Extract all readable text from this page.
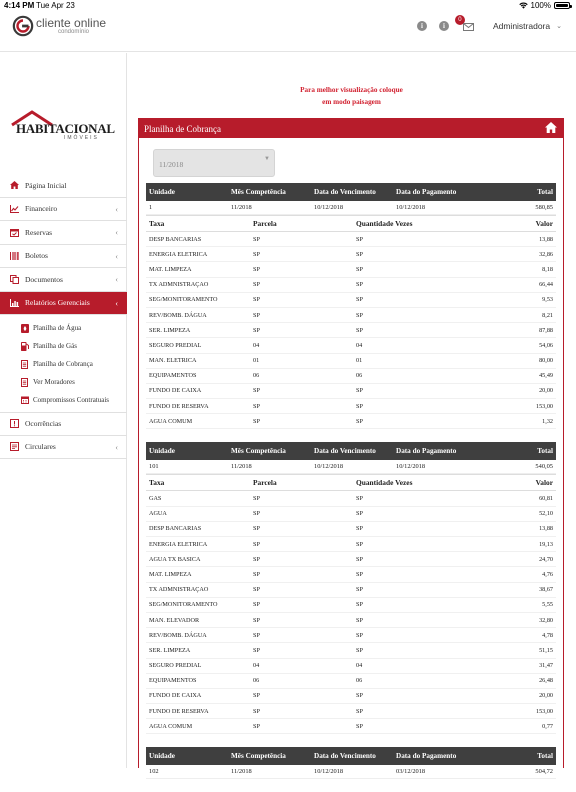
4:14 PM Tue Apr 23	100%
cliente online
condomínio
i	i
0
Administradora ⌄
HABITACIONAL
IMÓVEIS
Página Inicial
Financeiro	‹
Reservas	‹
Boletos	‹
Documentos	‹
Relatórios Gerenciais	‹
Planilha de Água
Planilha de Gás
Planilha de Cobrança
Ver Moradores
Compromissos Contratuais
Ocorrências
Circulares	‹
Para melhor visualização coloque
em modo paisagem
Planilha de Cobrança
11/2018
▼
Unidade	Mês Competência	Data do Vencimento	Data do Pagamento	Total
1	11/2018	10/12/2018	10/12/2018	580,85
Taxa	Parcela	Quantidade Vezes	Valor
DESP BANCARIAS	SP	SP	13,88
ENERGIA ELETRICA	SP	SP	32,86
MAT. LIMPEZA	SP	SP	8,18
TX ADMNISTRAÇAO	SP	SP	66,44
SEG/MONITORAMENTO	SP	SP	9,53
REV/BOMB. DÁGUA	SP	SP	8,21
SER. LIMPEZA	SP	SP	87,88
SEGURO PREDIAL	04	04	54,06
MAN. ELETRICA	01	01	80,00
EQUIPAMENTOS	06	06	45,49
FUNDO DE CAIXA	SP	SP	20,00
FUNDO DE RESERVA	SP	SP	153,00
AGUA COMUM	SP	SP	1,32
Unidade	Mês Competência	Data do Vencimento	Data do Pagamento	Total
101	11/2018	10/12/2018	10/12/2018	540,05
Taxa	Parcela	Quantidade Vezes	Valor
GAS	SP	SP	60,81
AGUA	SP	SP	52,10
DESP BANCARIAS	SP	SP	13,88
ENERGIA ELETRICA	SP	SP	19,13
AGUA TX BASICA	SP	SP	24,70
MAT. LIMPEZA	SP	SP	4,76
TX ADMNISTRAÇAO	SP	SP	38,67
SEG/MONITORAMENTO	SP	SP	5,55
MAN. ELEVADOR	SP	SP	32,80
REV/BOMB. DÁGUA	SP	SP	4,78
SER. LIMPEZA	SP	SP	51,15
SEGURO PREDIAL	04	04	31,47
EQUIPAMENTOS	06	06	26,48
FUNDO DE CAIXA	SP	SP	20,00
FUNDO DE RESERVA	SP	SP	153,00
AGUA COMUM	SP	SP	0,77
Unidade	Mês Competência	Data do Vencimento	Data do Pagamento	Total
102	11/2018	10/12/2018	03/12/2018	504,72
